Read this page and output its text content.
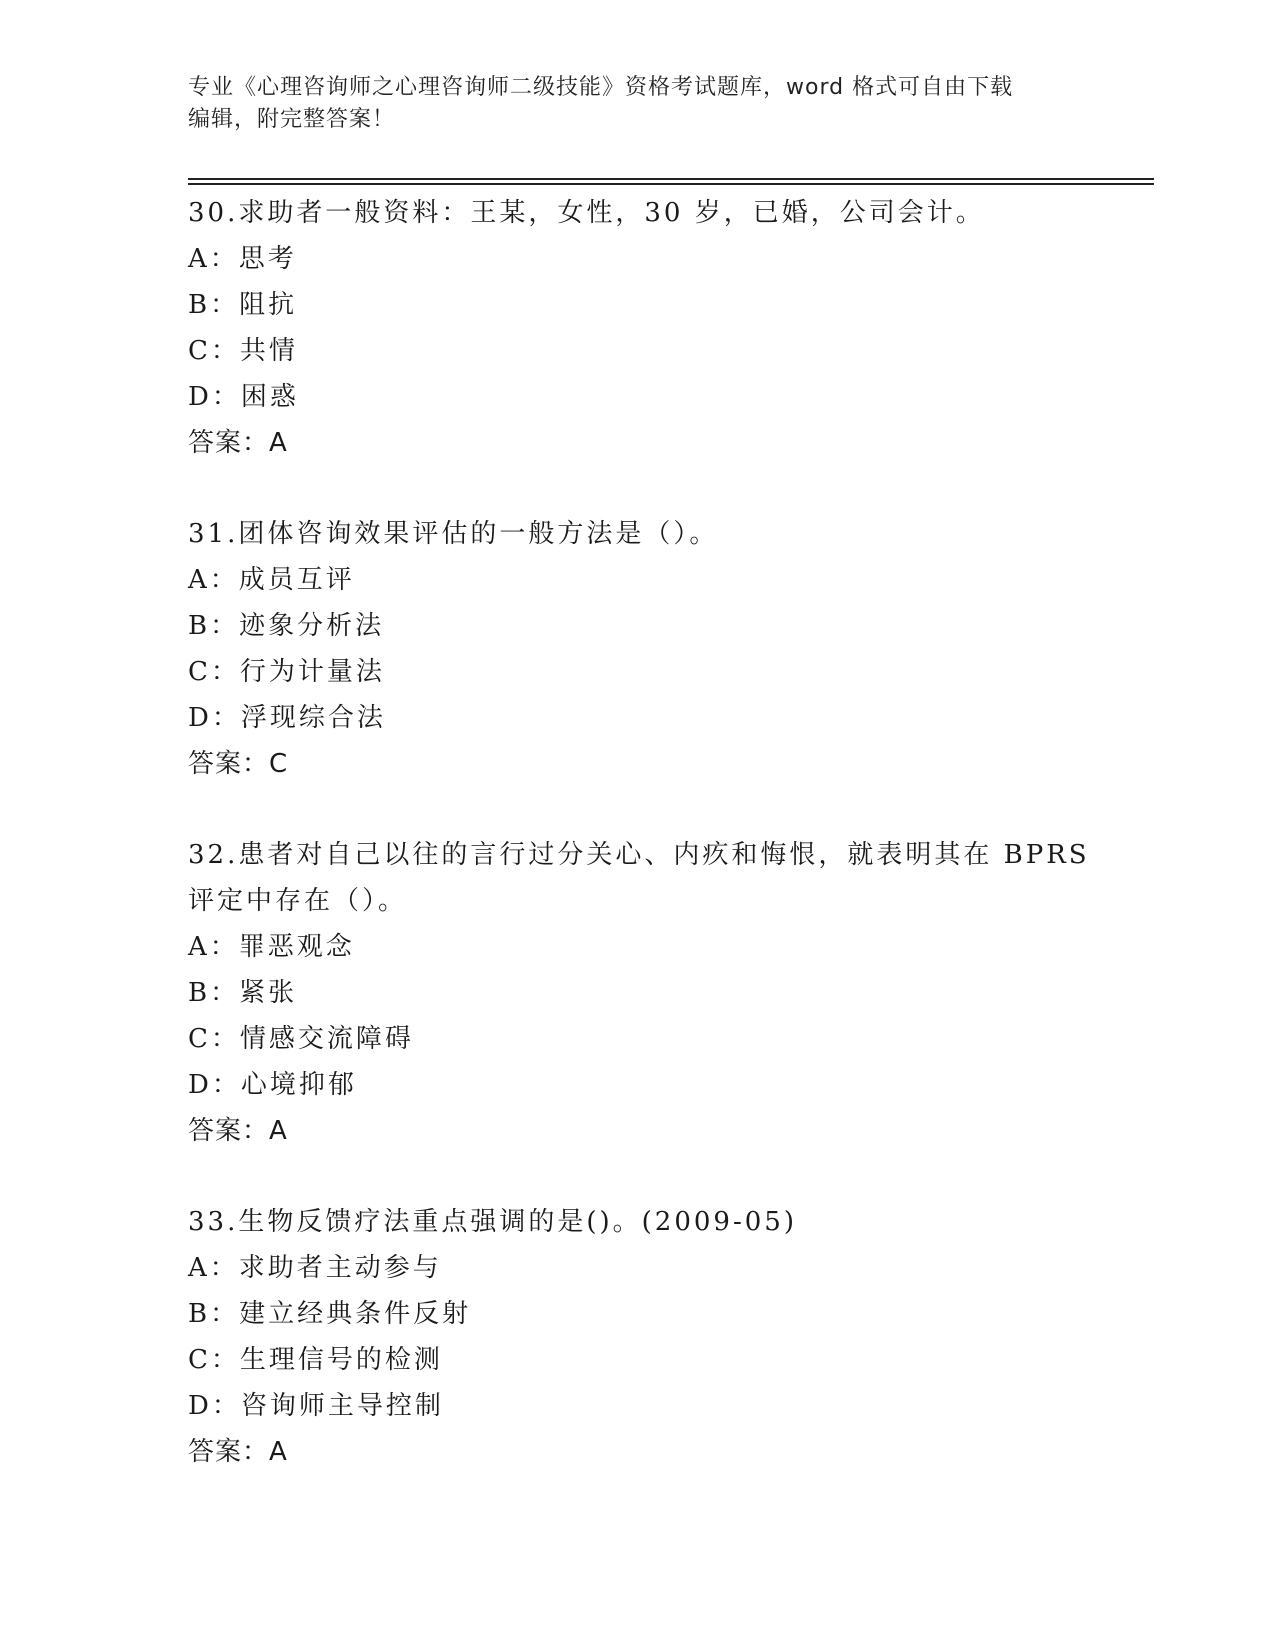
专业《心理咨询师之心理咨询师二级技能》资格考试题库，word 格式可自由下载
编辑，附完整答案！
30.求助者一般资料：王某，女性，30 岁，已婚，公司会计。
A：思考
B：阻抗
C：共情
D：困惑
答案：A
31.团体咨询效果评估的一般方法是（）。
A：成员互评
B：迹象分析法
C：行为计量法
D：浮现综合法
答案：C
32.患者对自己以往的言行过分关心、内疚和悔恨，就表明其在 BPRS
评定中存在（）。
A：罪恶观念
B：紧张
C：情感交流障碍
D：心境抑郁
答案：A
33.生物反馈疗法重点强调的是()。(2009-05)
A：求助者主动参与
B：建立经典条件反射
C：生理信号的检测
D：咨询师主导控制
答案：A
